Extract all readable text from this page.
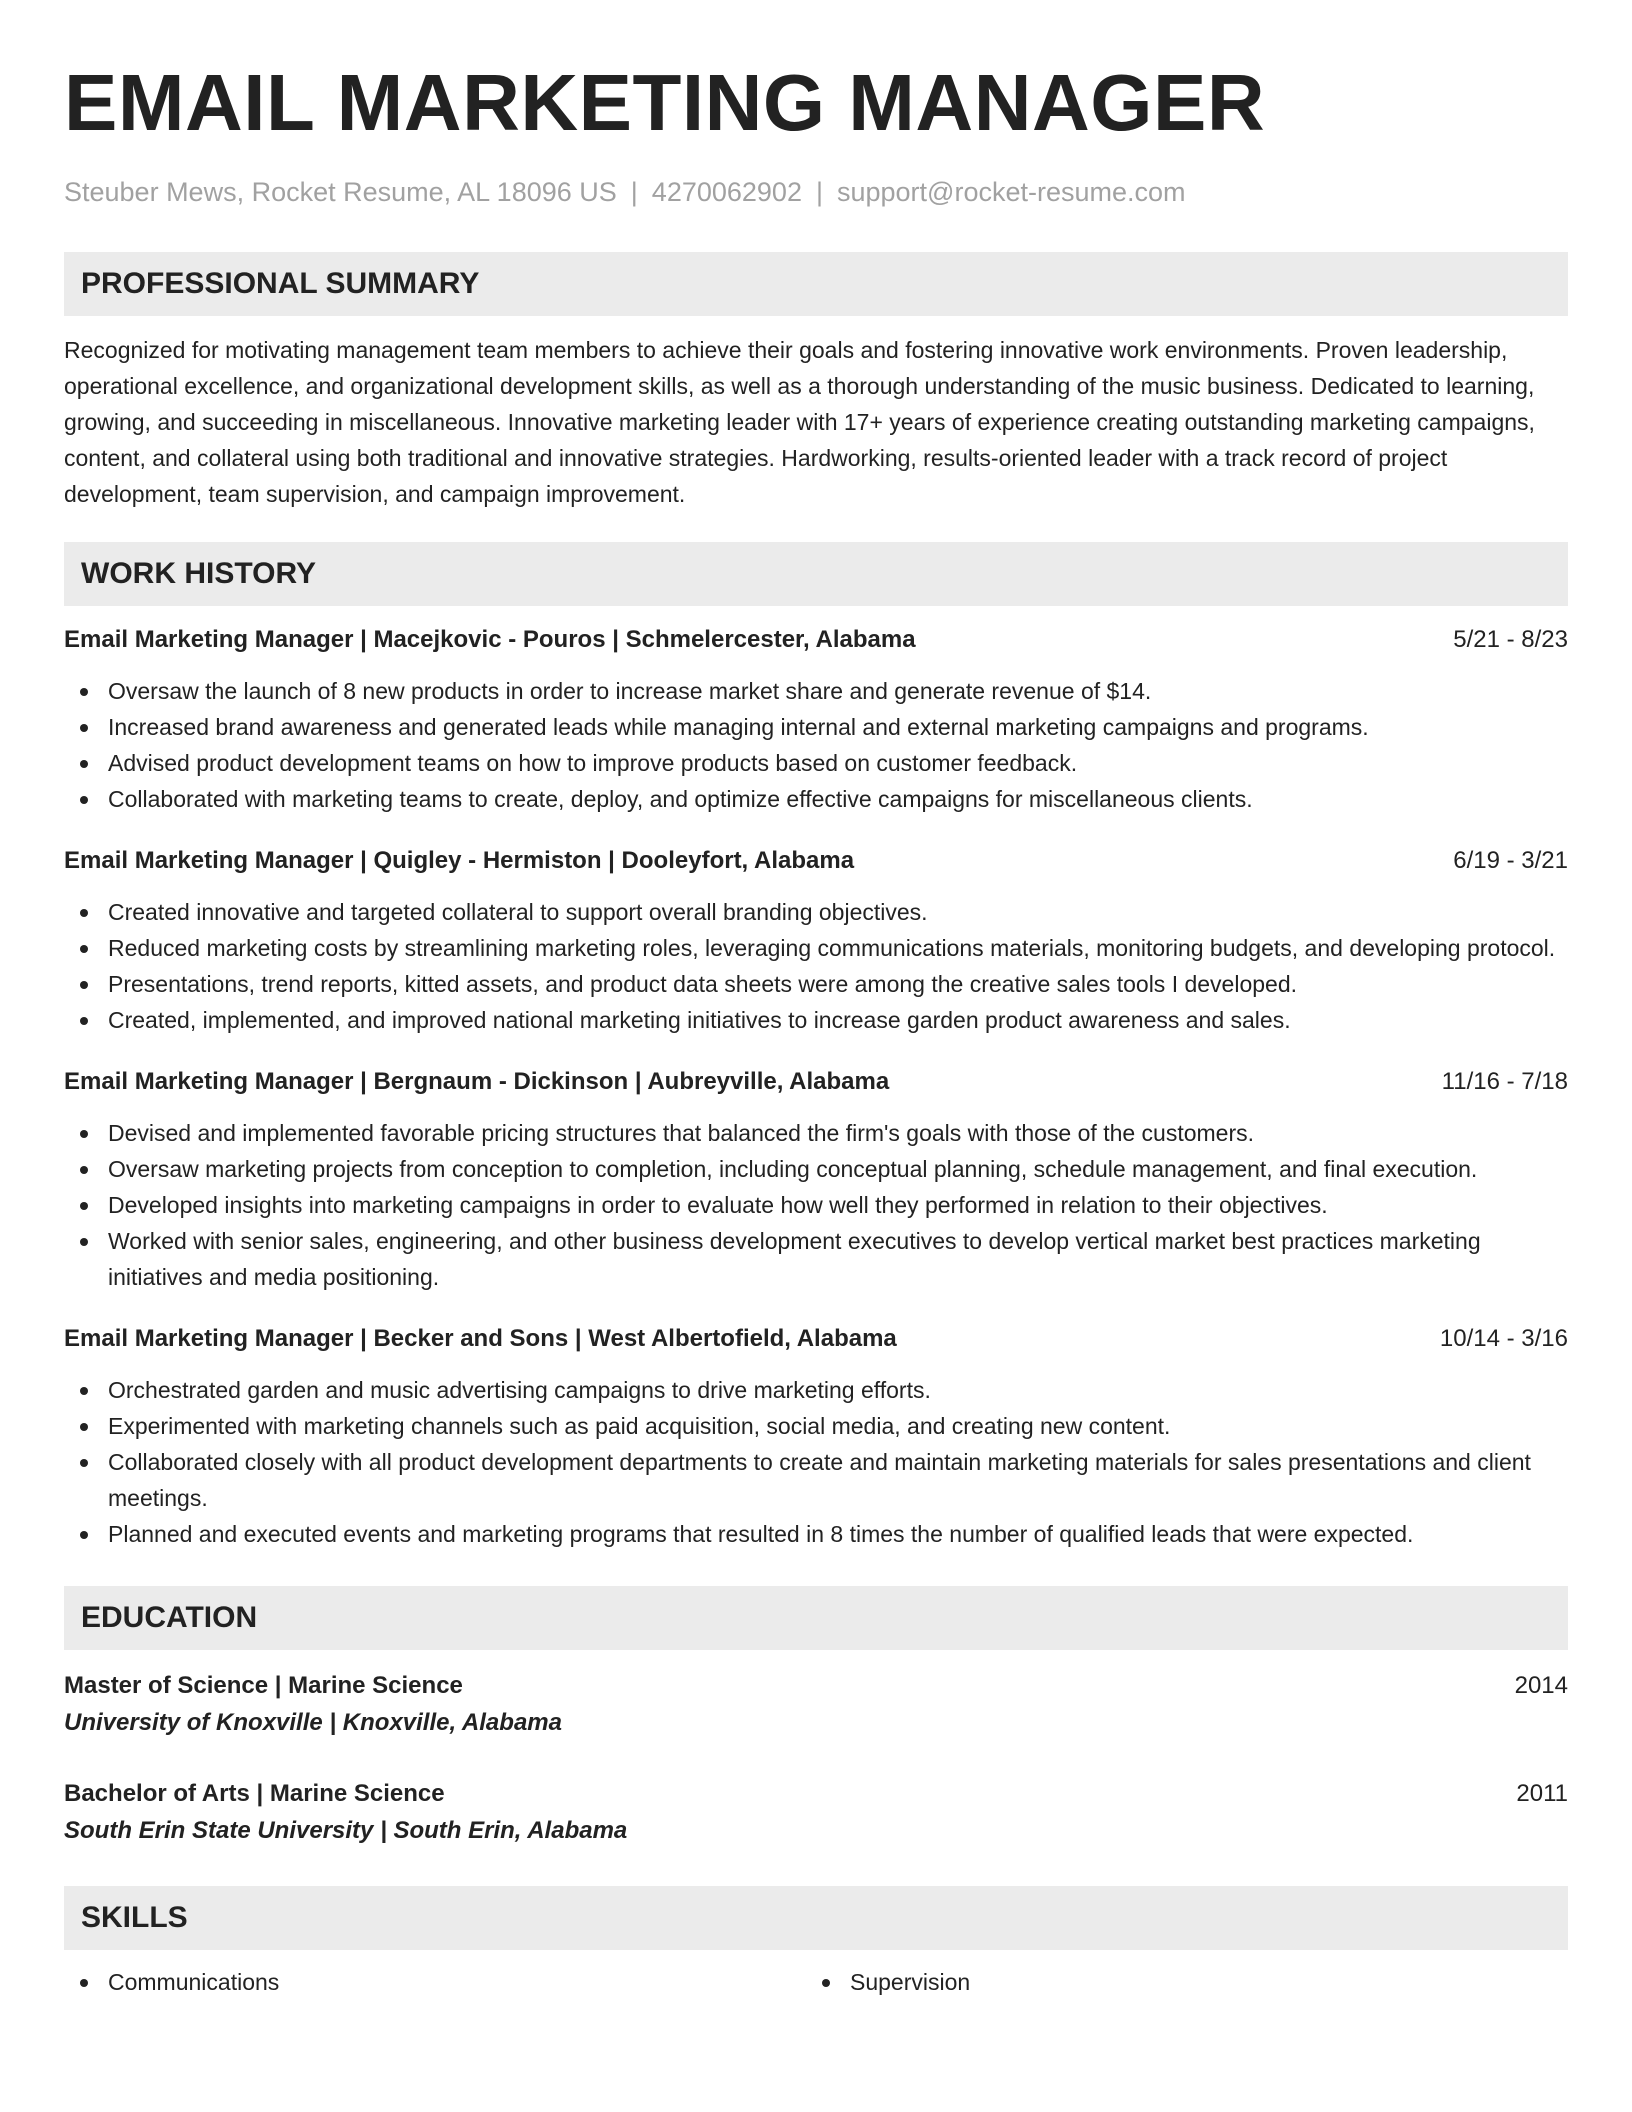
EMAIL MARKETING MANAGER
Steuber Mews, Rocket Resume, AL 18096 US | 4270062902 | support@rocket-resume.com
PROFESSIONAL SUMMARY
Recognized for motivating management team members to achieve their goals and fostering innovative work environments. Proven leadership, operational excellence, and organizational development skills, as well as a thorough understanding of the music business. Dedicated to learning, growing, and succeeding in miscellaneous. Innovative marketing leader with 17+ years of experience creating outstanding marketing campaigns, content, and collateral using both traditional and innovative strategies. Hardworking, results-oriented leader with a track record of project development, team supervision, and campaign improvement.
WORK HISTORY
Email Marketing Manager | Macejkovic - Pouros | Schmelercester, Alabama	5/21 - 8/23
Oversaw the launch of 8 new products in order to increase market share and generate revenue of $14.
Increased brand awareness and generated leads while managing internal and external marketing campaigns and programs.
Advised product development teams on how to improve products based on customer feedback.
Collaborated with marketing teams to create, deploy, and optimize effective campaigns for miscellaneous clients.
Email Marketing Manager | Quigley - Hermiston | Dooleyfort, Alabama	6/19 - 3/21
Created innovative and targeted collateral to support overall branding objectives.
Reduced marketing costs by streamlining marketing roles, leveraging communications materials, monitoring budgets, and developing protocol.
Presentations, trend reports, kitted assets, and product data sheets were among the creative sales tools I developed.
Created, implemented, and improved national marketing initiatives to increase garden product awareness and sales.
Email Marketing Manager | Bergnaum - Dickinson | Aubreyville, Alabama	11/16 - 7/18
Devised and implemented favorable pricing structures that balanced the firm's goals with those of the customers.
Oversaw marketing projects from conception to completion, including conceptual planning, schedule management, and final execution.
Developed insights into marketing campaigns in order to evaluate how well they performed in relation to their objectives.
Worked with senior sales, engineering, and other business development executives to develop vertical market best practices marketing initiatives and media positioning.
Email Marketing Manager | Becker and Sons | West Albertofield, Alabama	10/14 - 3/16
Orchestrated garden and music advertising campaigns to drive marketing efforts.
Experimented with marketing channels such as paid acquisition, social media, and creating new content.
Collaborated closely with all product development departments to create and maintain marketing materials for sales presentations and client meetings.
Planned and executed events and marketing programs that resulted in 8 times the number of qualified leads that were expected.
EDUCATION
Master of Science | Marine Science	2014
University of Knoxville | Knoxville, Alabama
Bachelor of Arts | Marine Science	2011
South Erin State University | South Erin, Alabama
SKILLS
Communications	Supervision
